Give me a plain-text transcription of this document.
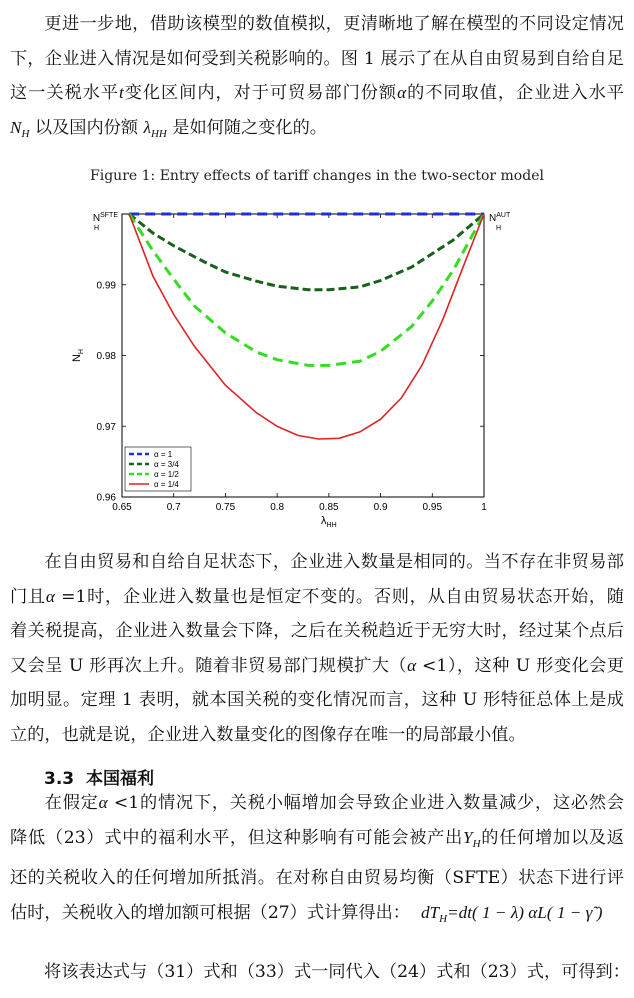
更进一步地，借助该模型的数值模拟，更清晰地了解在模型的不同设定情况
下，企业进入情况是如何受到关税影响的。图 1 展示了在从自由贸易到自给自足
这一关税水平t变化区间内，对于可贸易部门份额α的不同取值，企业进入水平
$N_H$ 以及国内份额 $\lambda_{HH}$ 是如何随之变化的。
Figure 1: Entry effects of tariff changes in the two-sector model
0.65	0.7	0.75	0.8	0.85	0.9	0.95	1
0.96
0.97
0.98
0.99
$N_H$
$\lambda_{HH}$
$N^{SFTE}$
H
$N^{AUT}$
H
α = 1
α = 3/4
α = 1/2
α = 1/4
在自由贸易和自给自足状态下，企业进入数量是相同的。当不存在非贸易部
门且α =1时，企业进入数量也是恒定不变的。否则，从自由贸易状态开始，随
着关税提高，企业进入数量会下降，之后在关税趋近于无穷大时，经过某个点后
又会呈 U 形再次上升。随着非贸易部门规模扩大（α <1），这种 U 形变化会更
加明显。定理 1 表明，就本国关税的变化情况而言，这种 U 形特征总体上是成
立的，也就是说，企业进入数量变化的图像存在唯一的局部最小值。
3.3 本国福利
在假定α <1的情况下，关税小幅增加会导致企业进入数量减少，这必然会
降低（23）式中的福利水平，但这种影响有可能会被产出$Y_H$的任何增加以及返
还的关税收入的任何增加所抵消。在对称自由贸易均衡（SFTE）状态下进行评
估时，关税收入的增加额可根据（27）式计算得出： $dT_H=dt$( 1 − λ) αL( 1 − γ̃ )
将该表达式与（31）式和（33）式一同代入（24）式和（23）式，可得到：
